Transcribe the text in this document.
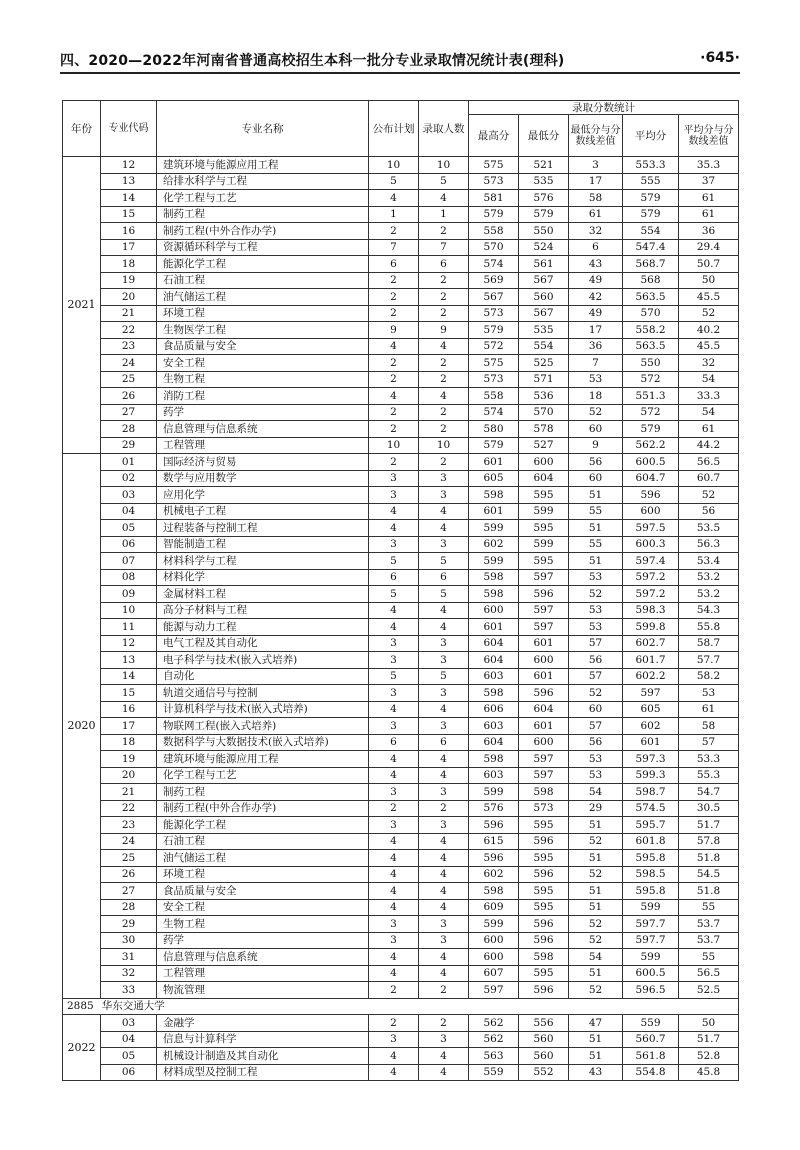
四、2020—2022年河南省普通高校招生本科一批分专业录取情况统计表(理科)	·645·
年份	专业代码	专业名称	公布计划	录取人数	录取分数统计				
					最高分	最低分	最低分与分数线差值	平均分	平均分与分数线差值
2021	12	建筑环境与能源应用工程	10	10	575	521	3	553.3	35.3
	13	给排水科学与工程	5	5	573	535	17	555	37
	14	化学工程与工艺	4	4	581	576	58	579	61
	15	制药工程	1	1	579	579	61	579	61
	16	制药工程(中外合作办学)	2	2	558	550	32	554	36
	17	资源循环科学与工程	7	7	570	524	6	547.4	29.4
	18	能源化学工程	6	6	574	561	43	568.7	50.7
	19	石油工程	2	2	569	567	49	568	50
	20	油气储运工程	2	2	567	560	42	563.5	45.5
	21	环境工程	2	2	573	567	49	570	52
	22	生物医学工程	9	9	579	535	17	558.2	40.2
	23	食品质量与安全	4	4	572	554	36	563.5	45.5
	24	安全工程	2	2	575	525	7	550	32
	25	生物工程	2	2	573	571	53	572	54
	26	消防工程	4	4	558	536	18	551.3	33.3
	27	药学	2	2	574	570	52	572	54
	28	信息管理与信息系统	2	2	580	578	60	579	61
	29	工程管理	10	10	579	527	9	562.2	44.2
2020	01	国际经济与贸易	2	2	601	600	56	600.5	56.5
	02	数学与应用数学	3	3	605	604	60	604.7	60.7
	03	应用化学	3	3	598	595	51	596	52
	04	机械电子工程	4	4	601	599	55	600	56
	05	过程装备与控制工程	4	4	599	595	51	597.5	53.5
	06	智能制造工程	3	3	602	599	55	600.3	56.3
	07	材料科学与工程	5	5	599	595	51	597.4	53.4
	08	材料化学	6	6	598	597	53	597.2	53.2
	09	金属材料工程	5	5	598	596	52	597.2	53.2
	10	高分子材料与工程	4	4	600	597	53	598.3	54.3
	11	能源与动力工程	4	4	601	597	53	599.8	55.8
	12	电气工程及其自动化	3	3	604	601	57	602.7	58.7
	13	电子科学与技术(嵌入式培养)	3	3	604	600	56	601.7	57.7
	14	自动化	5	5	603	601	57	602.2	58.2
	15	轨道交通信号与控制	3	3	598	596	52	597	53
	16	计算机科学与技术(嵌入式培养)	4	4	606	604	60	605	61
	17	物联网工程(嵌入式培养)	3	3	603	601	57	602	58
	18	数据科学与大数据技术(嵌入式培养)	6	6	604	600	56	601	57
	19	建筑环境与能源应用工程	4	4	598	597	53	597.3	53.3
	20	化学工程与工艺	4	4	603	597	53	599.3	55.3
	21	制药工程	3	3	599	598	54	598.7	54.7
	22	制药工程(中外合作办学)	2	2	576	573	29	574.5	30.5
	23	能源化学工程	3	3	596	595	51	595.7	51.7
	24	石油工程	4	4	615	596	52	601.8	57.8
	25	油气储运工程	4	4	596	595	51	595.8	51.8
	26	环境工程	4	4	602	596	52	598.5	54.5
	27	食品质量与安全	4	4	598	595	51	595.8	51.8
	28	安全工程	4	4	609	595	51	599	55
	29	生物工程	3	3	599	596	52	597.7	53.7
	30	药学	3	3	600	596	52	597.7	53.7
	31	信息管理与信息系统	4	4	600	598	54	599	55
	32	工程管理	4	4	607	595	51	600.5	56.5
	33	物流管理	2	2	597	596	52	596.5	52.5
2885 华东交通大学									
2022	03	金融学	2	2	562	556	47	559	50
	04	信息与计算科学	3	3	562	560	51	560.7	51.7
	05	机械设计制造及其自动化	4	4	563	560	51	561.8	52.8
	06	材料成型及控制工程	4	4	559	552	43	554.8	45.8
